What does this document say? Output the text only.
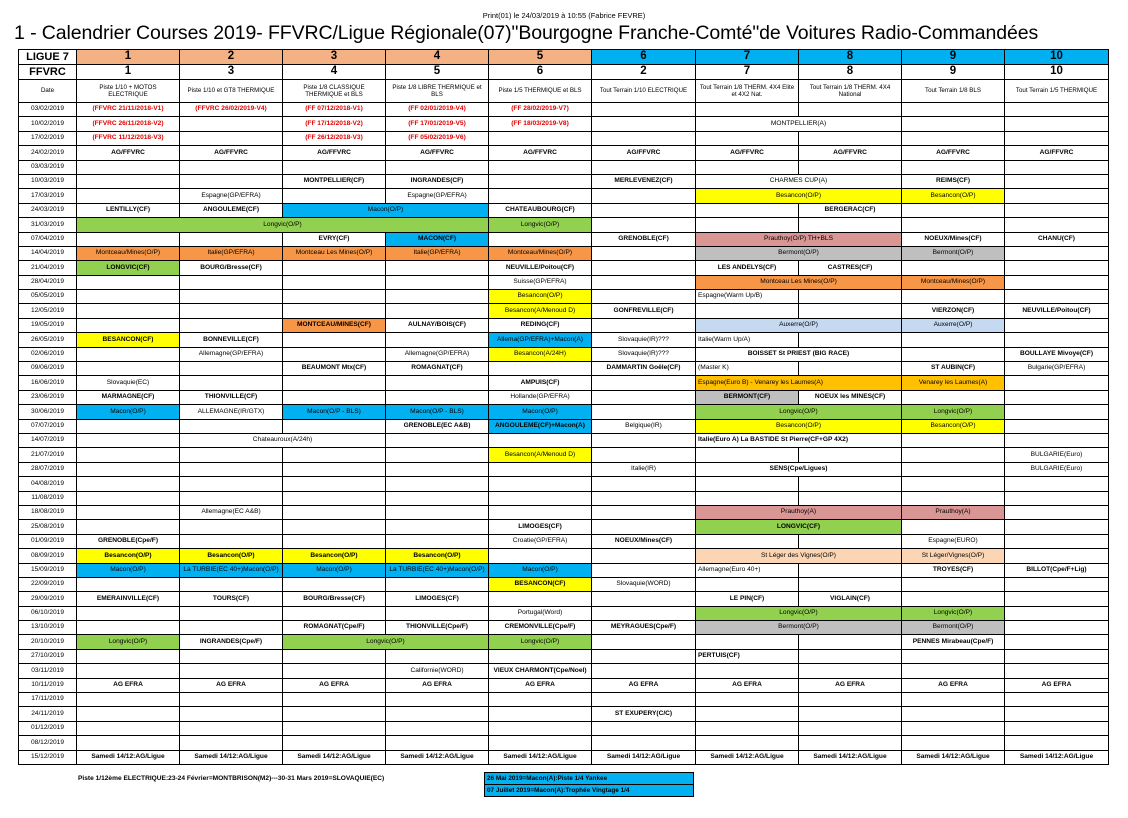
Print(01) le 24/03/2019 à 10:55 (Fabrice FEVRE)
1 - Calendrier Courses 2019- FFVRC/Ligue Régionale(07)"Bourgogne Franche-Comté"de Voitures Radio-Commandées
LIGUE 7	1	2	3	4	5	6	7	8	9	10
FFVRC	1	3	4	5	6	2	7	8	9	10
Date	Piste 1/10 + MOTOS ELECTRIQUE	Piste 1/10 et GT8 THERMIQUE	Piste 1/8 CLASSIQUE THERMIQUE et BLS	Piste 1/8 LIBRE THERMIQUE et BLS	Piste 1/5 THERMIQUE et BLS	Tout Terrain 1/10 ELECTRIQUE	Tout Terrain 1/8 THERM. 4X4 Elite et 4X2 Nat.	Tout Terrain 1/8 THERM. 4X4 National	Tout Terrain 1/8 BLS	Tout Terrain 1/5 THERMIQUE
03/02/2019	(FFVRC 21/11/2018-V1)	(FFVRC 26/02/2019-V4)	(FF 07/12/2018-V1)	(FF 02/01/2019-V4)	(FF 28/02/2019-V7)					
10/02/2019	(FFVRC 26/11/2018-V2)		(FF 17/12/2018-V2)	(FF 17/01/2019-V5)	(FF 18/03/2019-V8)		MONTPELLIER(A)			
17/02/2019	(FFVRC 11/12/2018-V3)		(FF 26/12/2018-V3)	(FF 05/02/2019-V6)						
24/02/2019	AG/FFVRC	AG/FFVRC	AG/FFVRC	AG/FFVRC	AG/FFVRC	AG/FFVRC	AG/FFVRC	AG/FFVRC	AG/FFVRC	AG/FFVRC
03/03/2019										
10/03/2019			MONTPELLIER(CF)	INGRANDES(CF)		MERLEVENEZ(CF)	CHARMES CUP(A)		REIMS(CF)	
17/03/2019		Espagne(GP/EFRA)		Espagne(GP/EFRA)			Besancon(O/P)		Besancon(O/P)	
24/03/2019	LENTILLY(CF)	ANGOULEME(CF)	Macon(O/P)		CHATEAUBOURG(CF)			BERGERAC(CF)		
31/03/2019	Longvic(O/P)				Longvic(O/P)					
07/04/2019			EVRY(CF)	MACON(CF)		GRENOBLE(CF)	Prauthoy(O/P) TH+BLS		NOEUX/Mines(CF)	CHANU(CF)
14/04/2019	Montceau/Mines(O/P)	Italie(GP/EFRA)	Montceau Les Mines(O/P)	Italie(GP/EFRA)	Montceau/Mines(O/P)		Bermont(O/P)		Bermont(O/P)	
21/04/2019	LONGVIC(CF)	BOURG/Bresse(CF)			NEUVILLE/Poitou(CF)		LES ANDELYS(CF)	CASTRES(CF)		
28/04/2019					Suisse(GP/EFRA)		Montceau Les Mines(O/P)		Montceau/Mines(O/P)	
05/05/2019					Besancon(O/P)		Espagne(Warm Up/B)			
12/05/2019					Besancon(A/Menoud D)	GONFREVILLE(CF)			VIERZON(CF)	NEUVILLE/Poitou(CF)
19/05/2019			MONTCEAU/MINES(CF)	AULNAY/BOIS(CF)	REDING(CF)		Auxerre(O/P)		Auxerre(O/P)	
26/05/2019	BESANCON(CF)	BONNEVILLE(CF)			Allema(GP/EFRA)+Macon(A)	Slovaquie(IR)???	Italie(Warm Up/A)			
02/06/2019		Allemagne(GP/EFRA)		Allemagne(GP/EFRA)	Besancon(A/24H)	Slovaquie(IR)???	BOISSET St PRIEST (BIG RACE)			BOULLAYE Mivoye(CF)
09/06/2019			BEAUMONT Mtx(CF)	ROMAGNAT(CF)		DAMMARTIN Goële(CF)	(Master K)		ST AUBIN(CF)	Bulgarie(GP/EFRA)
16/06/2019	Slovaquie(EC)				AMPUIS(CF)		Espagne(Euro B) - Venarey les Laumes(A)		Venarey les Laumes(A)	
23/06/2019	MARMAGNE(CF)	THIONVILLE(CF)			Hollande(GP/EFRA)		BERMONT(CF)	NOEUX les MINES(CF)		
30/06/2019	Macon(O/P)	ALLEMAGNE(IR/GTX)	Macon(O/P - BLS)	Macon(O/P - BLS)	Macon(O/P)		Longvic(O/P)		Longvic(O/P)	
07/07/2019				GRENOBLE(EC A&B)	ANGOULEME(CF)+Macon(A)	Belgique(IR)	Besancon(O/P)		Besancon(O/P)	
14/07/2019		Chateauroux(A/24h)					Italie(Euro A) La BASTIDE St Pierre(CF+GP 4X2)			
21/07/2019					Besancon(A/Menoud D)					BULGARIE(Euro)
28/07/2019						Italie(IR)	SENS(Cpe/Ligues)			BULGARIE(Euro)
04/08/2019										
11/08/2019										
18/08/2019		Allemagne(EC A&B)					Prauthoy(A)		Prauthoy(A)	
25/08/2019					LIMOGES(CF)		LONGVIC(CF)			
01/09/2019	GRENOBLE(Cpe/F)				Croatie(GP/EFRA)	NOEUX/Mines(CF)			Espagne(EURO)	
08/09/2019	Besancon(O/P)	Besancon(O/P)	Besancon(O/P)	Besancon(O/P)			St Léger des Vignes(O/P)		St Léger/Vignes(O/P)	
15/09/2019	Macon(O/P)	La TURBIE(EC 40+)Macon(O/P)	Macon(O/P)	La TURBIE(EC 40+)Macon(O/P)	Macon(O/P)		Allemagne(Euro 40+)		TROYES(CF)	BILLOT(Cpe/F+Lig)
22/09/2019					BESANCON(CF)	Slovaquie(WORD)				
29/09/2019	EMERAINVILLE(CF)	TOURS(CF)	BOURG/Bresse(CF)	LIMOGES(CF)			LE PIN(CF)	VIGLAIN(CF)		
06/10/2019					Portugal(Word)		Longvic(O/P)		Longvic(O/P)	
13/10/2019			ROMAGNAT(Cpe/F)	THIONVILLE(Cpe/F)	CREMONVILLE(Cpe/F)	MEYRAGUES(Cpe/F)	Bermont(O/P)		Bermont(O/P)	
20/10/2019	Longvic(O/P)	INGRANDES(Cpe/F)	Longvic(O/P)		Longvic(O/P)				PENNES Mirabeau(Cpe/F)	
27/10/2019							PERTUIS(CF)			
03/11/2019				Californie(WORD)	VIEUX CHARMONT(Cpe/Noel)					
10/11/2019	AG EFRA	AG EFRA	AG EFRA	AG EFRA	AG EFRA	AG EFRA	AG EFRA	AG EFRA	AG EFRA	AG EFRA
17/11/2019										
24/11/2019						ST EXUPERY(C/C)				
01/12/2019										
08/12/2019										
15/12/2019	Samedi 14/12:AG/Ligue	Samedi 14/12:AG/Ligue	Samedi 14/12:AG/Ligue	Samedi 14/12:AG/Ligue	Samedi 14/12:AG/Ligue	Samedi 14/12:AG/Ligue	Samedi 14/12:AG/Ligue	Samedi 14/12:AG/Ligue	Samedi 14/12:AG/Ligue	Samedi 14/12:AG/Ligue
Piste 1/12ème ELECTRIQUE:23-24 Février=MONTBRISON(M2)---30-31 Mars 2019=SLOVAQUIE(EC)	26 Mai 2019=Macon(A):Piste 1/4 Yankee
07 Juillet 2019=Macon(A):Trophée Vingtage 1/4
